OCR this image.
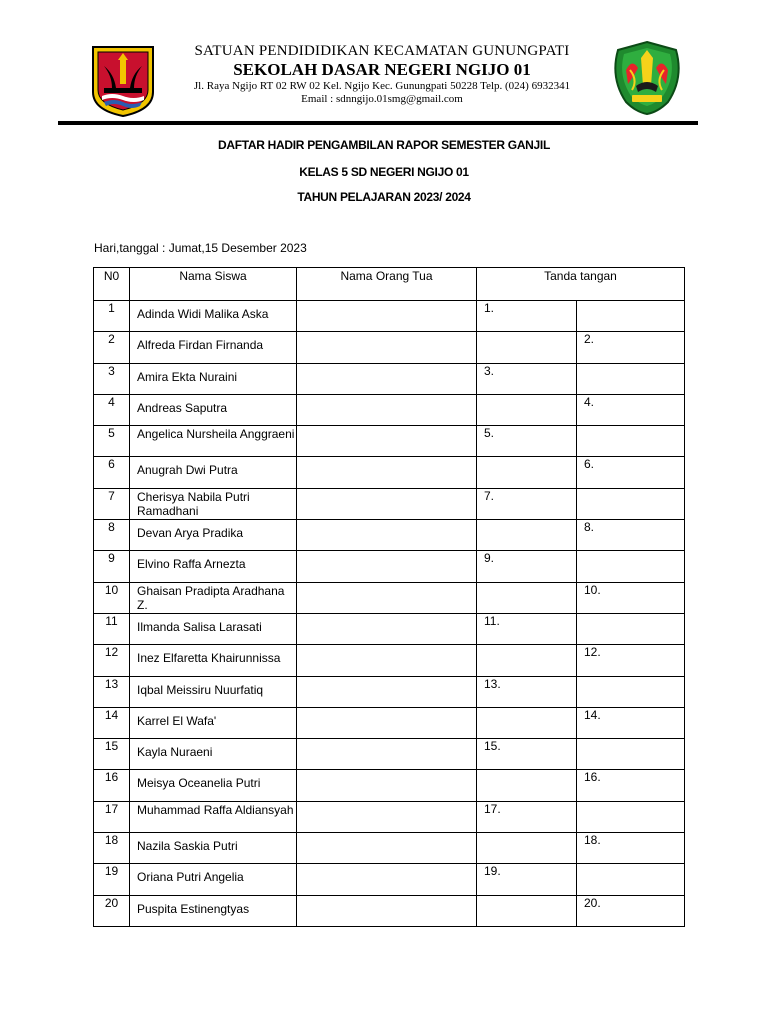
SATUAN PENDIDIDIKAN KECAMATAN GUNUNGPATI
SEKOLAH DASAR NEGERI NGIJO 01
Jl. Raya Ngijo RT 02 RW 02 Kel. Ngijo Kec. Gunungpati 50228 Telp. (024) 6932341
Email : sdnngijo.01smg@gmail.com
DAFTAR HADIR PENGAMBILAN RAPOR SEMESTER GANJIL
KELAS 5 SD NEGERI NGIJO 01
TAHUN PELAJARAN 2023/ 2024
Hari,tanggal : Jumat,15 Desember 2023
N0	Nama Siswa	Nama Orang Tua	Tanda tangan	
1	Adinda Widi Malika Aska		1.	

2	Alfreda Firdan Firnanda			2.

3	Amira Ekta Nuraini		3.	

4	Andreas Saputra			4.

5	Angelica Nursheila Anggraeni		5.	

6	Anugrah Dwi Putra			6.

7	Cherisya Nabila Putri Ramadhani		7.	

8	Devan Arya Pradika			8.

9	Elvino Raffa Arnezta		9.	

10	Ghaisan Pradipta Aradhana Z.			10.

11	Ilmanda Salisa Larasati		11.	

12	Inez Elfaretta Khairunnissa			12.

13	Iqbal Meissiru Nuurfatiq		13.	

14	Karrel El Wafa'			14.

15	Kayla Nuraeni		15.	

16	Meisya Oceanelia Putri			16.

17	Muhammad Raffa Aldiansyah		17.	

18	Nazila Saskia Putri			18.

19	Oriana Putri Angelia		19.	

20	Puspita Estinengtyas			20.
